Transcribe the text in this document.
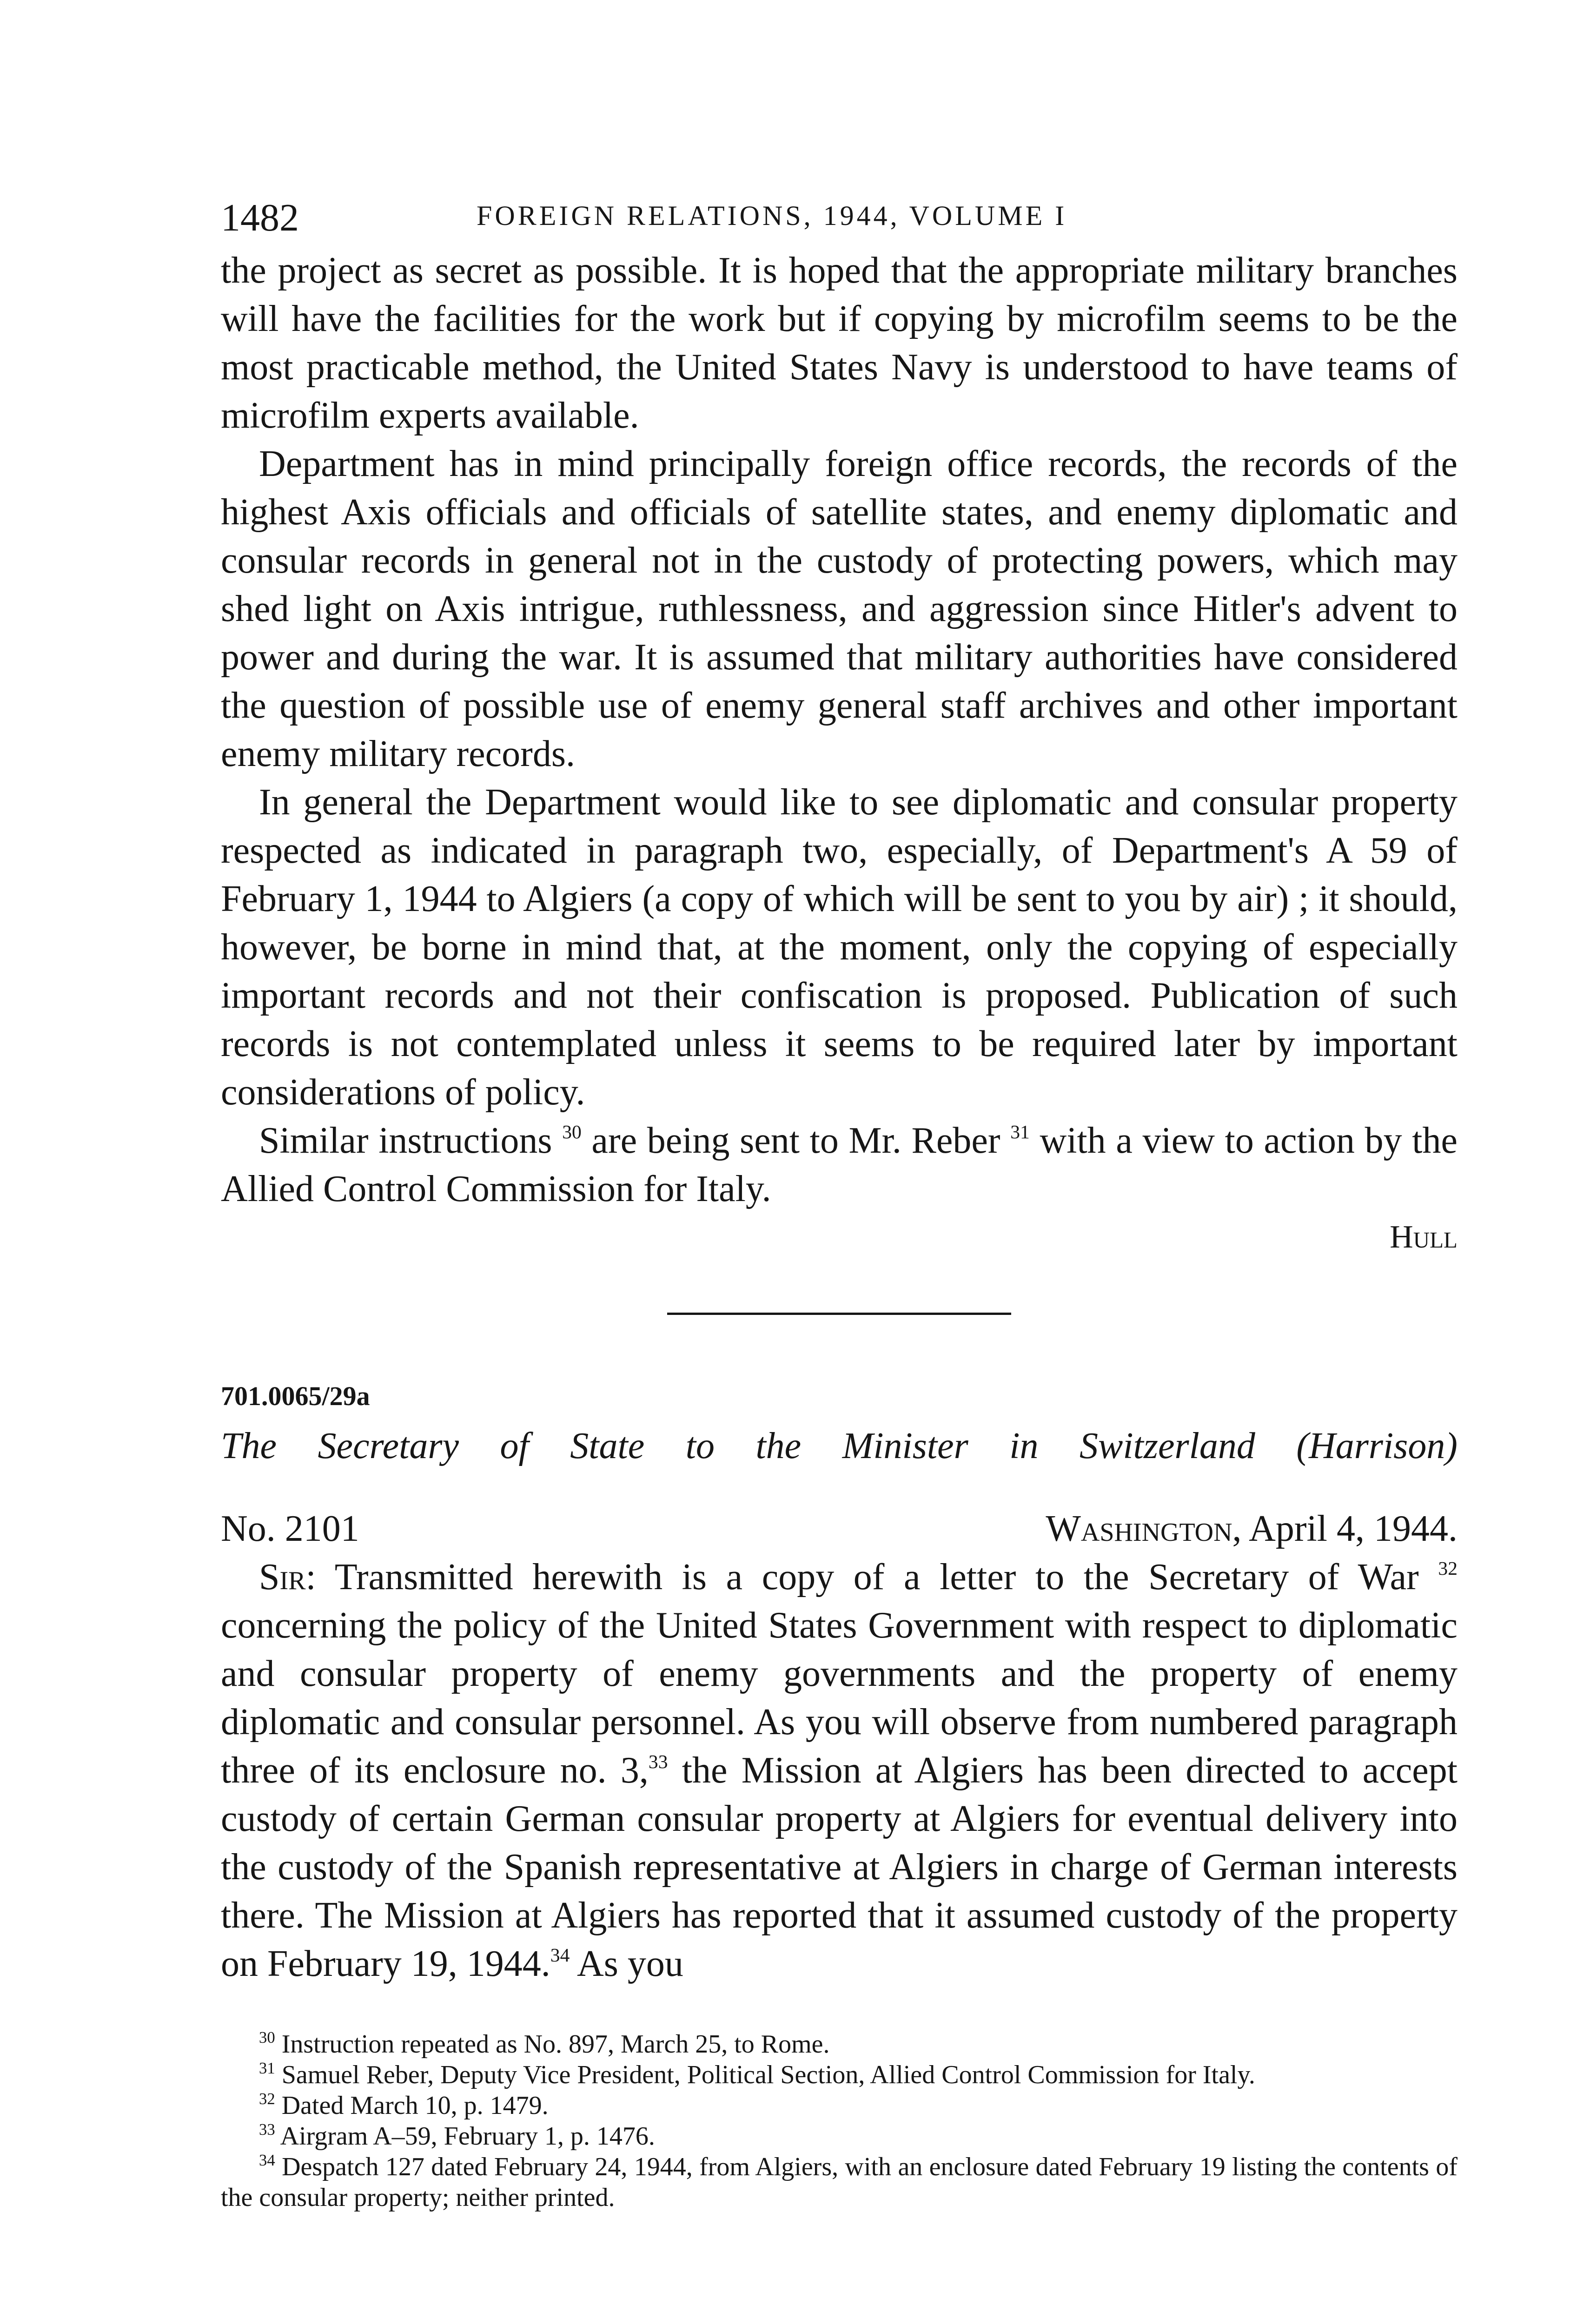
1482	FOREIGN RELATIONS, 1944, VOLUME I

the project as secret as possible. It is hoped that the appropriate military branches will have the facilities for the work but if copying by microfilm seems to be the most practicable method, the United States Navy is understood to have teams of microfilm experts available.

Department has in mind principally foreign office records, the records of the highest Axis officials and officials of satellite states, and enemy diplomatic and consular records in general not in the custody of protecting powers, which may shed light on Axis intrigue, ruthlessness, and aggression since Hitler's advent to power and during the war. It is assumed that military authorities have considered the question of possible use of enemy general staff archives and other important enemy military records.

In general the Department would like to see diplomatic and consular property respected as indicated in paragraph two, especially, of Department's A 59 of February 1, 1944 to Algiers (a copy of which will be sent to you by air) ; it should, however, be borne in mind that, at the moment, only the copying of especially important records and not their confiscation is proposed. Publication of such records is not contemplated unless it seems to be required later by important considerations of policy.

Similar instructions $^{30}$ are being sent to Mr. Reber $^{31}$ with a view to action by the Allied Control Commission for Italy.

Hull
701.0065/29a
The Secretary of State to the Minister in Switzerland (Harrison)
No. 2101	Washington, April 4, 1944.

Sir: Transmitted herewith is a copy of a letter to the Secretary of War $^{32}$ concerning the policy of the United States Government with respect to diplomatic and consular property of enemy governments and the property of enemy diplomatic and consular personnel. As you will observe from numbered paragraph three of its enclosure no. 3,33 the Mission at Algiers has been directed to accept custody of certain German consular property at Algiers for eventual delivery into the custody of the Spanish representative at Algiers in charge of German interests there. The Mission at Algiers has reported that it assumed custody of the property on February 19, 1944.34 As you

$^{30}$ Instruction repeated as No. 897, March 25, to Rome.

$^{31}$ Samuel Reber, Deputy Vice President, Political Section, Allied Control Commission for Italy.

$^{32}$ Dated March 10, p. 1479.

$^{33}$ Airgram A–59, February 1, p. 1476.

$^{34}$ Despatch 127 dated February 24, 1944, from Algiers, with an enclosure dated February 19 listing the contents of the consular property; neither printed.
